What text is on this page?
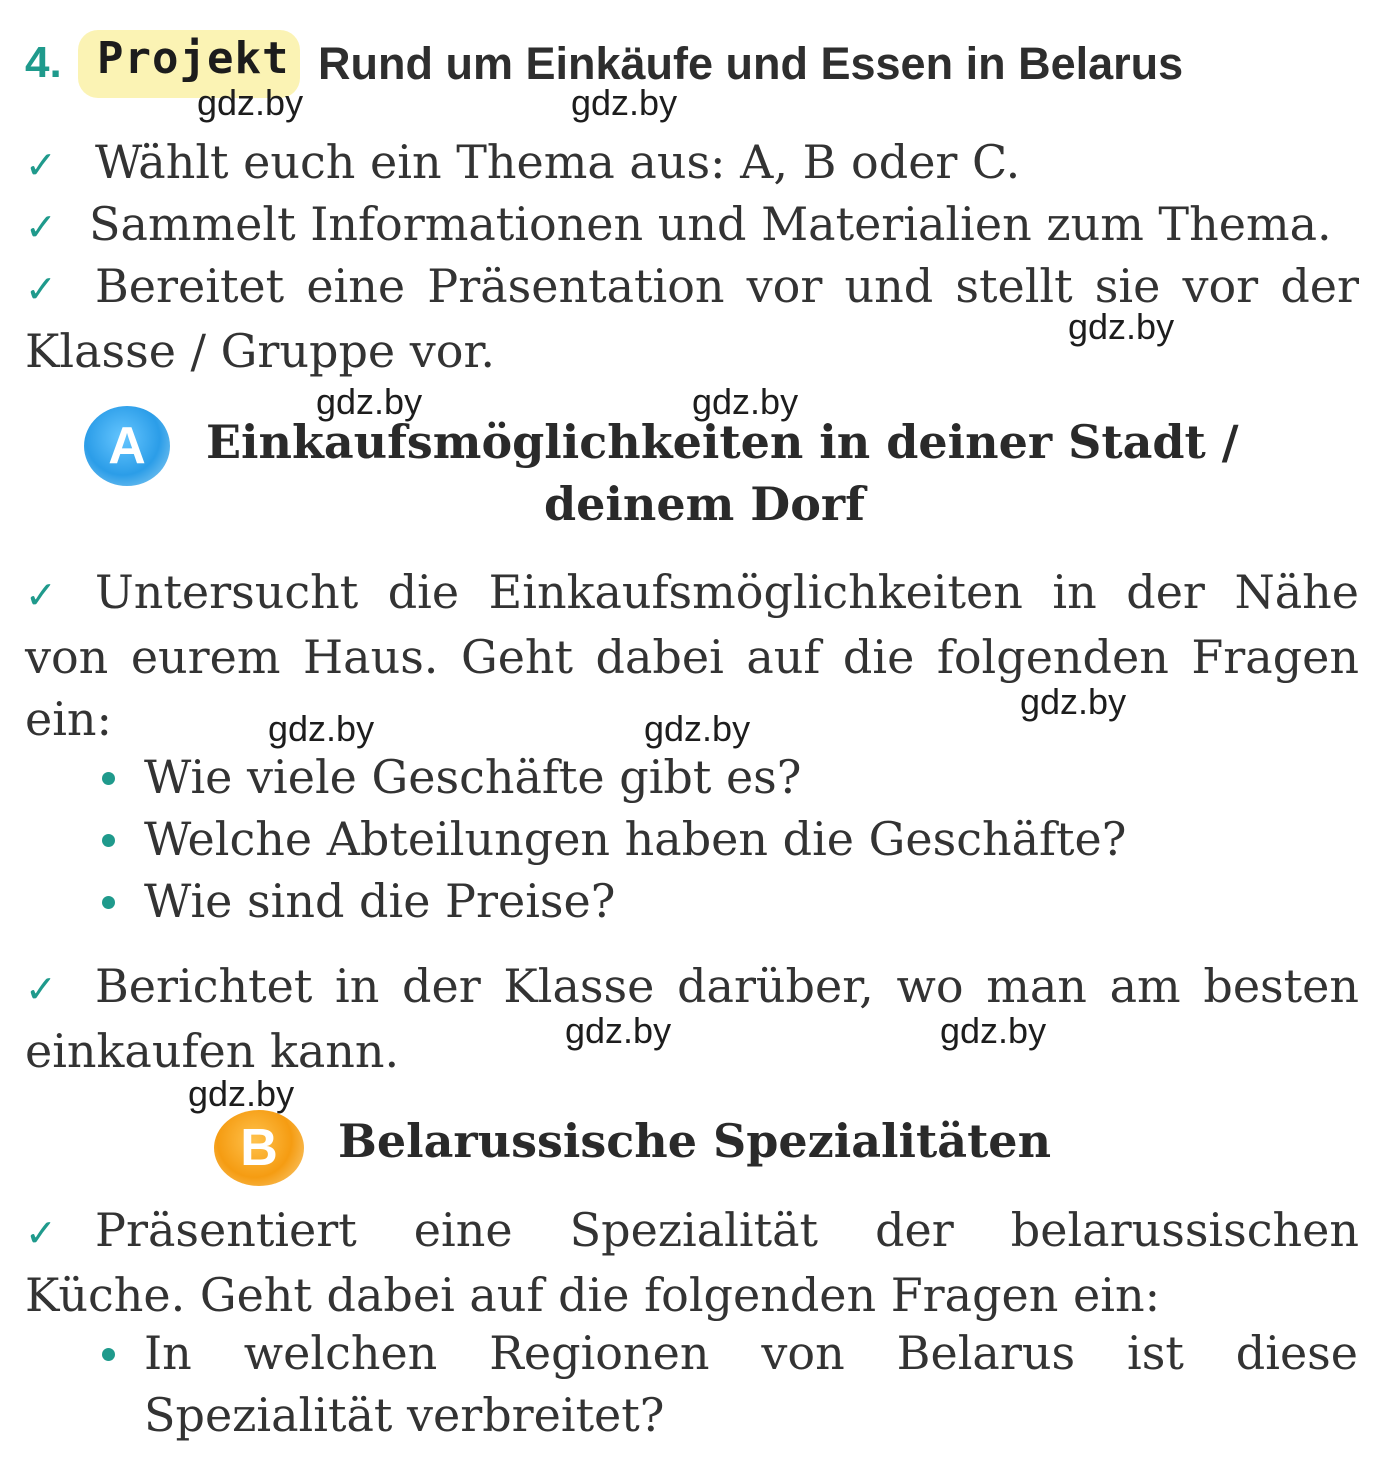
4. Projekt Rund um Einkäufe und Essen in Belarus
✓ Wählt euch ein Thema aus: A, B oder C.
✓ Sammelt Informationen und Materialien zum Thema.
✓ Bereitet eine Präsentation vor und stellt sie vor der Klasse / Gruppe vor.
A	Einkaufsmöglichkeiten in deiner Stadt /
deinem Dorf
✓ Untersucht die Einkaufsmöglichkeiten in der Nähe von eurem Haus. Geht dabei auf die folgenden Fragen ein:
Wie viele Geschäfte gibt es?
Welche Abteilungen haben die Geschäfte?
Wie sind die Preise?
✓ Berichtet in der Klasse darüber, wo man am besten einkaufen kann.
B	Belarussische Spezialitäten
✓ Präsentiert eine Spezialität der belarussischen Küche. Geht dabei auf die folgenden Fragen ein:
In welchen Regionen von Belarus ist diese Spezialität verbreitet?
gdz.by	gdz.by
gdz.by
gdz.by	gdz.by
gdz.by
gdz.by	gdz.by
gdz.by	gdz.by
gdz.by
